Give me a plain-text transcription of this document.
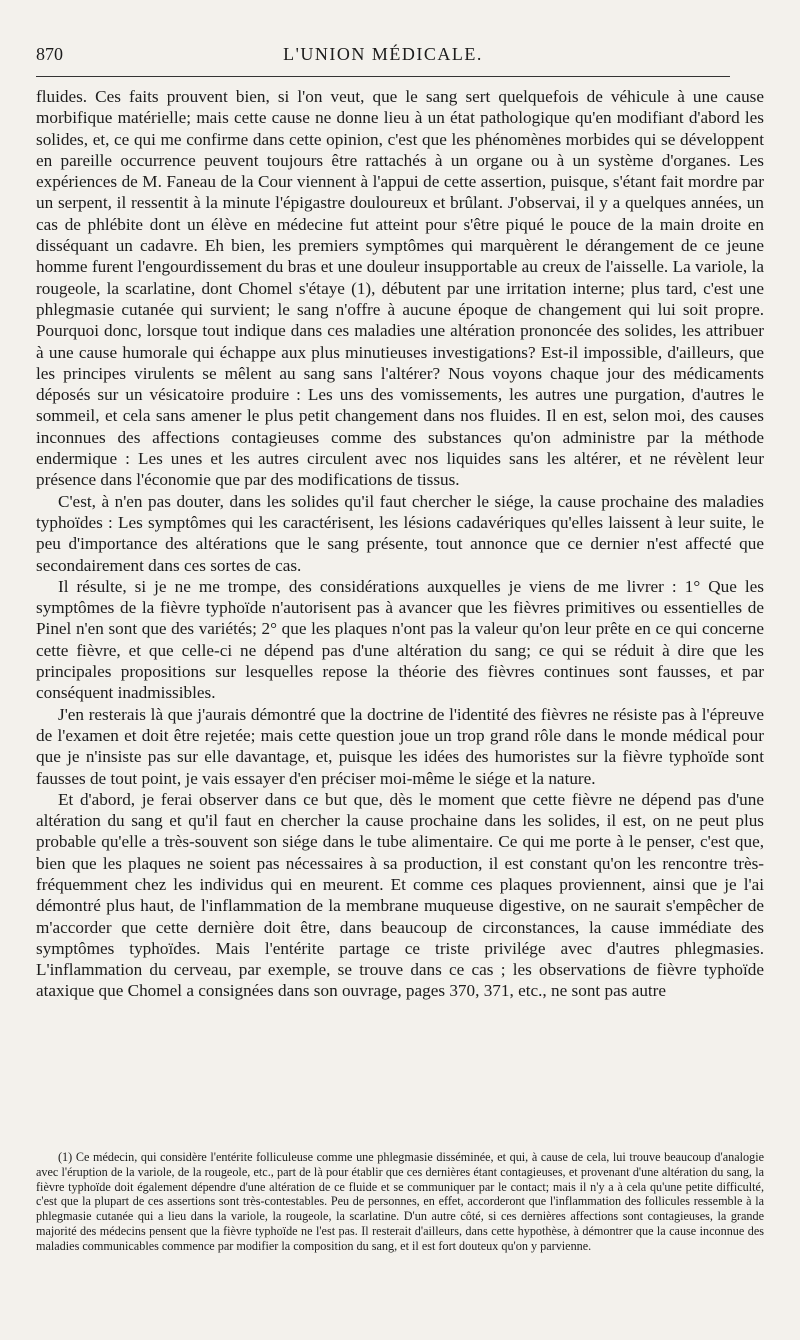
870	L'UNION MÉDICALE.

fluides. Ces faits prouvent bien, si l'on veut, que le sang sert quelquefois de véhicule à une cause morbifique matérielle; mais cette cause ne donne lieu à un état pathologique qu'en modifiant d'abord les solides, et, ce qui me confirme dans cette opinion, c'est que les phénomènes morbides qui se développent en pareille occurrence peuvent toujours être rattachés à un organe ou à un système d'organes. Les expériences de M. Faneau de la Cour viennent à l'appui de cette assertion, puisque, s'étant fait mordre par un serpent, il ressentit à la minute l'épigastre douloureux et brûlant. J'observai, il y a quelques années, un cas de phlébite dont un élève en médecine fut atteint pour s'être piqué le pouce de la main droite en disséquant un cadavre. Eh bien, les premiers symptômes qui marquèrent le dérangement de ce jeune homme furent l'engourdissement du bras et une douleur insupportable au creux de l'aisselle. La variole, la rougeole, la scarlatine, dont Chomel s'étaye (1), débutent par une irritation interne; plus tard, c'est une phlegmasie cutanée qui survient; le sang n'offre à aucune époque de changement qui lui soit propre. Pourquoi donc, lorsque tout indique dans ces maladies une altération prononcée des solides, les attribuer à une cause humorale qui échappe aux plus minutieuses investigations? Est-il impossible, d'ailleurs, que les principes virulents se mêlent au sang sans l'altérer? Nous voyons chaque jour des médicaments déposés sur un vésicatoire produire : Les uns des vomissements, les autres une purgation, d'autres le sommeil, et cela sans amener le plus petit changement dans nos fluides. Il en est, selon moi, des causes inconnues des affections contagieuses comme des substances qu'on administre par la méthode endermique : Les unes et les autres circulent avec nos liquides sans les altérer, et ne révèlent leur présence dans l'économie que par des modifications de tissus.

C'est, à n'en pas douter, dans les solides qu'il faut chercher le siége, la cause prochaine des maladies typhoïdes : Les symptômes qui les caractérisent, les lésions cadavériques qu'elles laissent à leur suite, le peu d'importance des altérations que le sang présente, tout annonce que ce dernier n'est affecté que secondairement dans ces sortes de cas.

Il résulte, si je ne me trompe, des considérations auxquelles je viens de me livrer : 1° Que les symptômes de la fièvre typhoïde n'autorisent pas à avancer que les fièvres primitives ou essentielles de Pinel n'en sont que des variétés; 2° que les plaques n'ont pas la valeur qu'on leur prête en ce qui concerne cette fièvre, et que celle-ci ne dépend pas d'une altération du sang; ce qui se réduit à dire que les principales propositions sur lesquelles repose la théorie des fièvres continues sont fausses, et par conséquent inadmissibles.

J'en resterais là que j'aurais démontré que la doctrine de l'identité des fièvres ne résiste pas à l'épreuve de l'examen et doit être rejetée; mais cette question joue un trop grand rôle dans le monde médical pour que je n'insiste pas sur elle davantage, et, puisque les idées des humoristes sur la fièvre typhoïde sont fausses de tout point, je vais essayer d'en préciser moi-même le siége et la nature.

Et d'abord, je ferai observer dans ce but que, dès le moment que cette fièvre ne dépend pas d'une altération du sang et qu'il faut en chercher la cause prochaine dans les solides, il est, on ne peut plus probable qu'elle a très-souvent son siége dans le tube alimentaire. Ce qui me porte à le penser, c'est que, bien que les plaques ne soient pas nécessaires à sa production, il est constant qu'on les rencontre très-fréquemment chez les individus qui en meurent. Et comme ces plaques proviennent, ainsi que je l'ai démontré plus haut, de l'inflammation de la membrane muqueuse digestive, on ne saurait s'empêcher de m'accorder que cette dernière doit être, dans beaucoup de circonstances, la cause immédiate des symptômes typhoïdes. Mais l'entérite partage ce triste privilége avec d'autres phlegmasies. L'inflammation du cerveau, par exemple, se trouve dans ce cas ; les observations de fièvre typhoïde ataxique que Chomel a consignées dans son ouvrage, pages 370, 371, etc., ne sont pas autre

(1) Ce médecin, qui considère l'entérite folliculeuse comme une phlegmasie disséminée, et qui, à cause de cela, lui trouve beaucoup d'analogie avec l'éruption de la variole, de la rougeole, etc., part de là pour établir que ces dernières étant contagieuses, et provenant d'une altération du sang, la fièvre typhoïde doit également dépendre d'une altération de ce fluide et se communiquer par le contact; mais il n'y a à cela qu'une petite difficulté, c'est que la plupart de ces assertions sont très-contestables. Peu de personnes, en effet, accorderont que l'inflammation des follicules ressemble à la phlegmasie cutanée qui a lieu dans la variole, la rougeole, la scarlatine. D'un autre côté, si ces dernières affections sont contagieuses, la grande majorité des médecins pensent que la fièvre typhoïde ne l'est pas. Il resterait d'ailleurs, dans cette hypothèse, à démontrer que la cause inconnue des maladies communicables commence par modifier la composition du sang, et il est fort douteux qu'on y parvienne.
